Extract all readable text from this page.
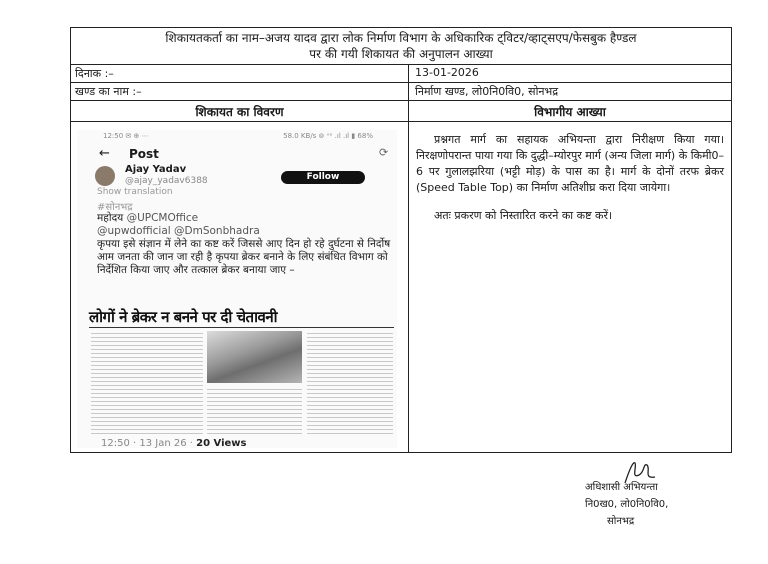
शिकायतकर्ता का नाम–अजय यादव द्वारा लोक निर्माण विभाग के अधिकारिक ट्विटर/व्हाट्सएप/फेसबुक हैण्डल
पर की गयी शिकायत की अनुपालन आख्या
दिनाक :–	13-01-2026
खण्ड का नाम :–	निर्माण खण्ड, लो0नि0वि0, सोनभद्र
शिकायत का विवरण	विभागीय आख्या
12:50 ✉ ⊕ ⋯	58.0 KB/s ⊚ ᵛᵒ .ıl .ıl ▮ 68%
← Post	⟳
Ajay Yadav
@ajay_yadav6388	Follow
Show translation
#सोनभद्र
महोदय @UPCMOffice
@upwdofficial @DmSonbhadra
कृपया इसे संज्ञान में लेने का कष्ट करें जिससे आए दिन हो रहे दुर्घटना से निर्दोष आम जनता की जान जा रही है कृपया ब्रेकर बनाने के लिए संबंधित विभाग को निर्देशित किया जाए और तत्काल ब्रेकर बनाया जाए –
लोगों ने ब्रेकर न बनने पर दी चेतावनी
12:50 · 13 Jan 26 · 20 Views

प्रश्नगत मार्ग का सहायक अभियन्ता द्वारा निरीक्षण किया गया। निरक्षणोपरान्त पाया गया कि दुद्धी–म्योरपुर मार्ग (अन्य जिला मार्ग) के किमी0–6 पर गुलालझरिया (भट्टी मोड़) के पास का है। मार्ग के दोनों तरफ ब्रेकर (Speed Table Top) का निर्माण अतिशीघ्र करा दिया जायेगा।

अतः प्रकरण को निस्तारित करने का कष्ट करें।

अधिशासी अभियन्ता
नि0ख0, लो0नि0वि0,
सोनभद्र
